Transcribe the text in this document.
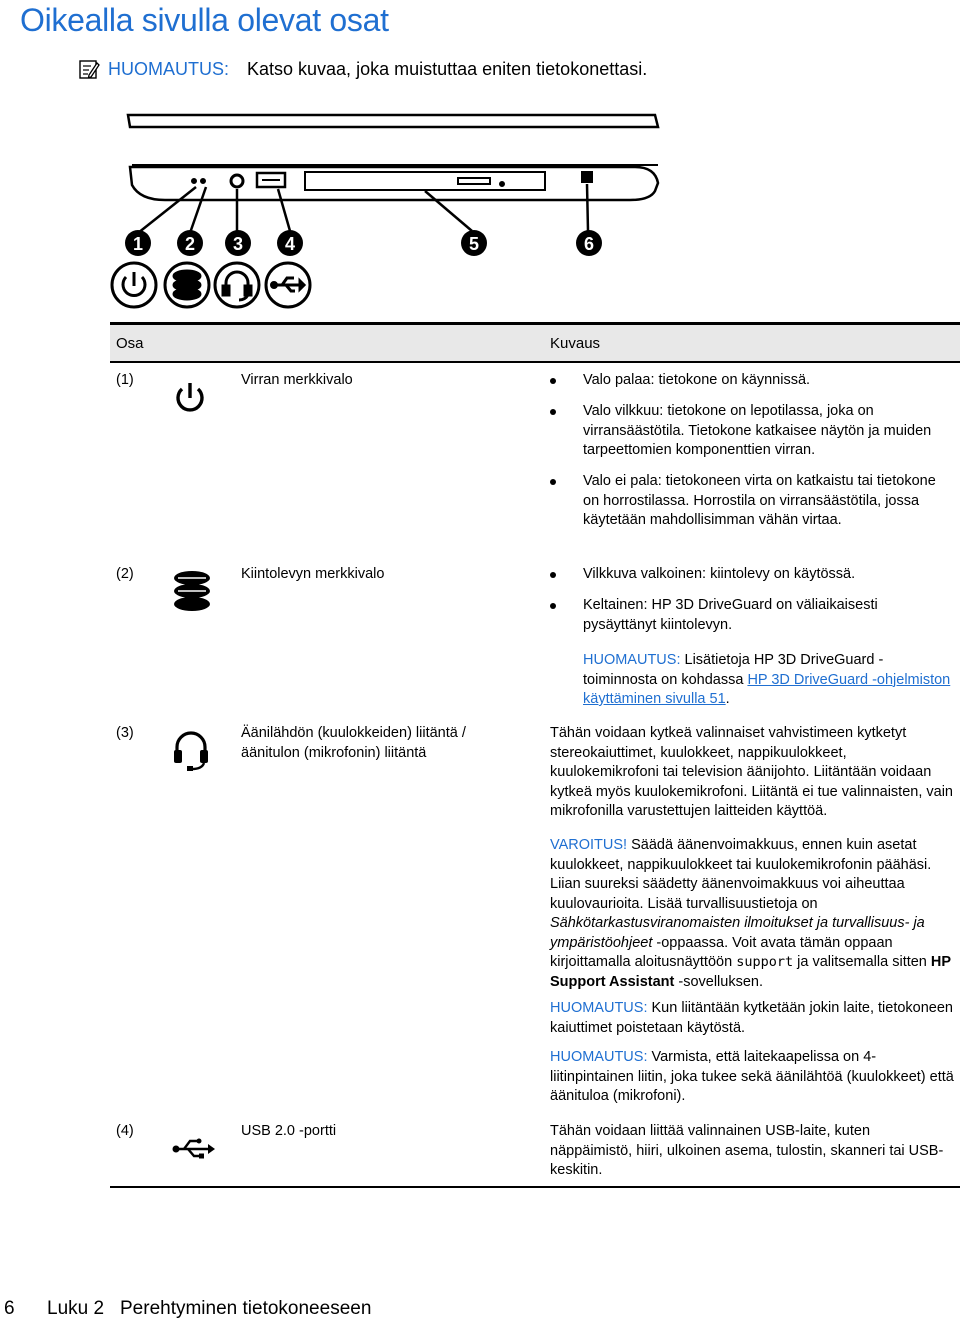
Oikealla sivulla olevat osat
HUOMAUTUS: Katso kuvaa, joka muistuttaa eniten tietokonettasi.
1 2 3 4	5	6
Osa	Kuvaus
(1)	Virran merkkivalo	Valo palaa: tietokone on käynnissä.
Valo vilkkuu: tietokone on lepotilassa, joka on virransäästötila. Tietokone katkaisee näytön ja muiden tarpeettomien komponenttien virran.
Valo ei pala: tietokoneen virta on katkaistu tai tietokone on horrostilassa. Horrostila on virransäästötila, jossa käytetään mahdollisimman vähän virtaa.
(2)	Kiintolevyn merkkivalo	Vilkkuva valkoinen: kiintolevy on käytössä.
Keltainen: HP 3D DriveGuard on väliaikaisesti pysäyttänyt kiintolevyn.
HUOMAUTUS: Lisätietoja HP 3D DriveGuard -toiminnosta on kohdassa HP 3D DriveGuard -ohjelmiston käyttäminen sivulla 51.
(3)	Äänilähdön (kuulokkeiden) liitäntä / äänitulon (mikrofonin) liitäntä
Tähän voidaan kytkeä valinnaiset vahvistimeen kytketyt stereokaiuttimet, kuulokkeet, nappikuulokkeet, kuulokemikrofoni tai television äänijohto. Liitäntään voidaan kytkeä myös kuulokemikrofoni. Liitäntä ei tue valinnaisten, vain mikrofonilla varustettujen laitteiden käyttöä.
VAROITUS! Säädä äänenvoimakkuus, ennen kuin asetat kuulokkeet, nappikuulokkeet tai kuulokemikrofonin päähäsi. Liian suureksi säädetty äänenvoimakkuus voi aiheuttaa kuulovaurioita. Lisää turvallisuustietoja on Sähkötarkastusviranomaisten ilmoitukset ja turvallisuus- ja ympäristöohjeet -oppaassa. Voit avata tämän oppaan kirjoittamalla aloitusnäyttöön support ja valitsemalla sitten HP Support Assistant -sovelluksen.
HUOMAUTUS: Kun liitäntään kytketään jokin laite, tietokoneen kaiuttimet poistetaan käytöstä.
HUOMAUTUS: Varmista, että laitekaapelissa on 4-liitinpintainen liitin, joka tukee sekä äänilähtöä (kuulokkeet) että äänituloa (mikrofoni).
(4)	USB 2.0 -portti	Tähän voidaan liittää valinnainen USB-laite, kuten näppäimistö, hiiri, ulkoinen asema, tulostin, skanneri tai USB-keskitin.
6 Luku 2 Perehtyminen tietokoneeseen
